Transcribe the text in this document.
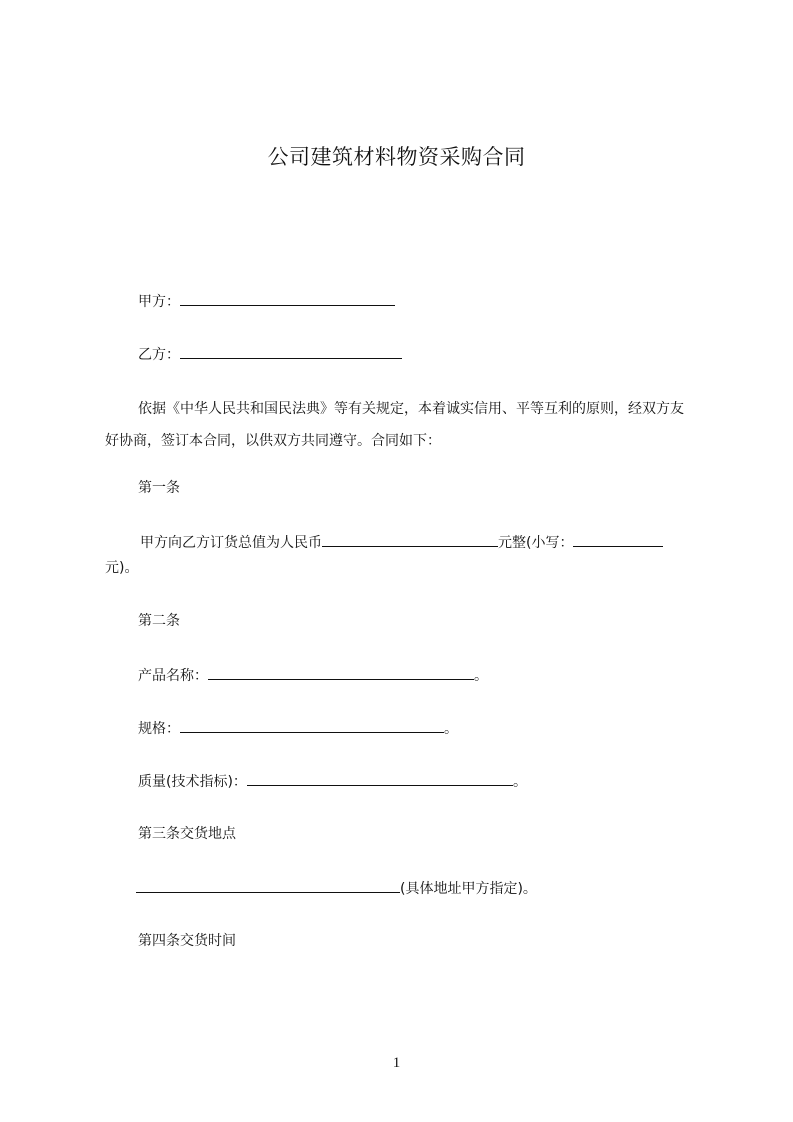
公司建筑材料物资采购合同

甲方：

乙方：

依据《中华人民共和国民法典》等有关规定，本着诚实信用、平等互利的原则，经双方友好协商，签订本合同，以供双方共同遵守。合同如下：

第一条

甲方向乙方订货总值为人民币	元整(小写：

元)。

第二条

产品名称：	。

规格：	。

质量(技术指标)：	。

第三条交货地点

(具体地址甲方指定)。

第四条交货时间

1
